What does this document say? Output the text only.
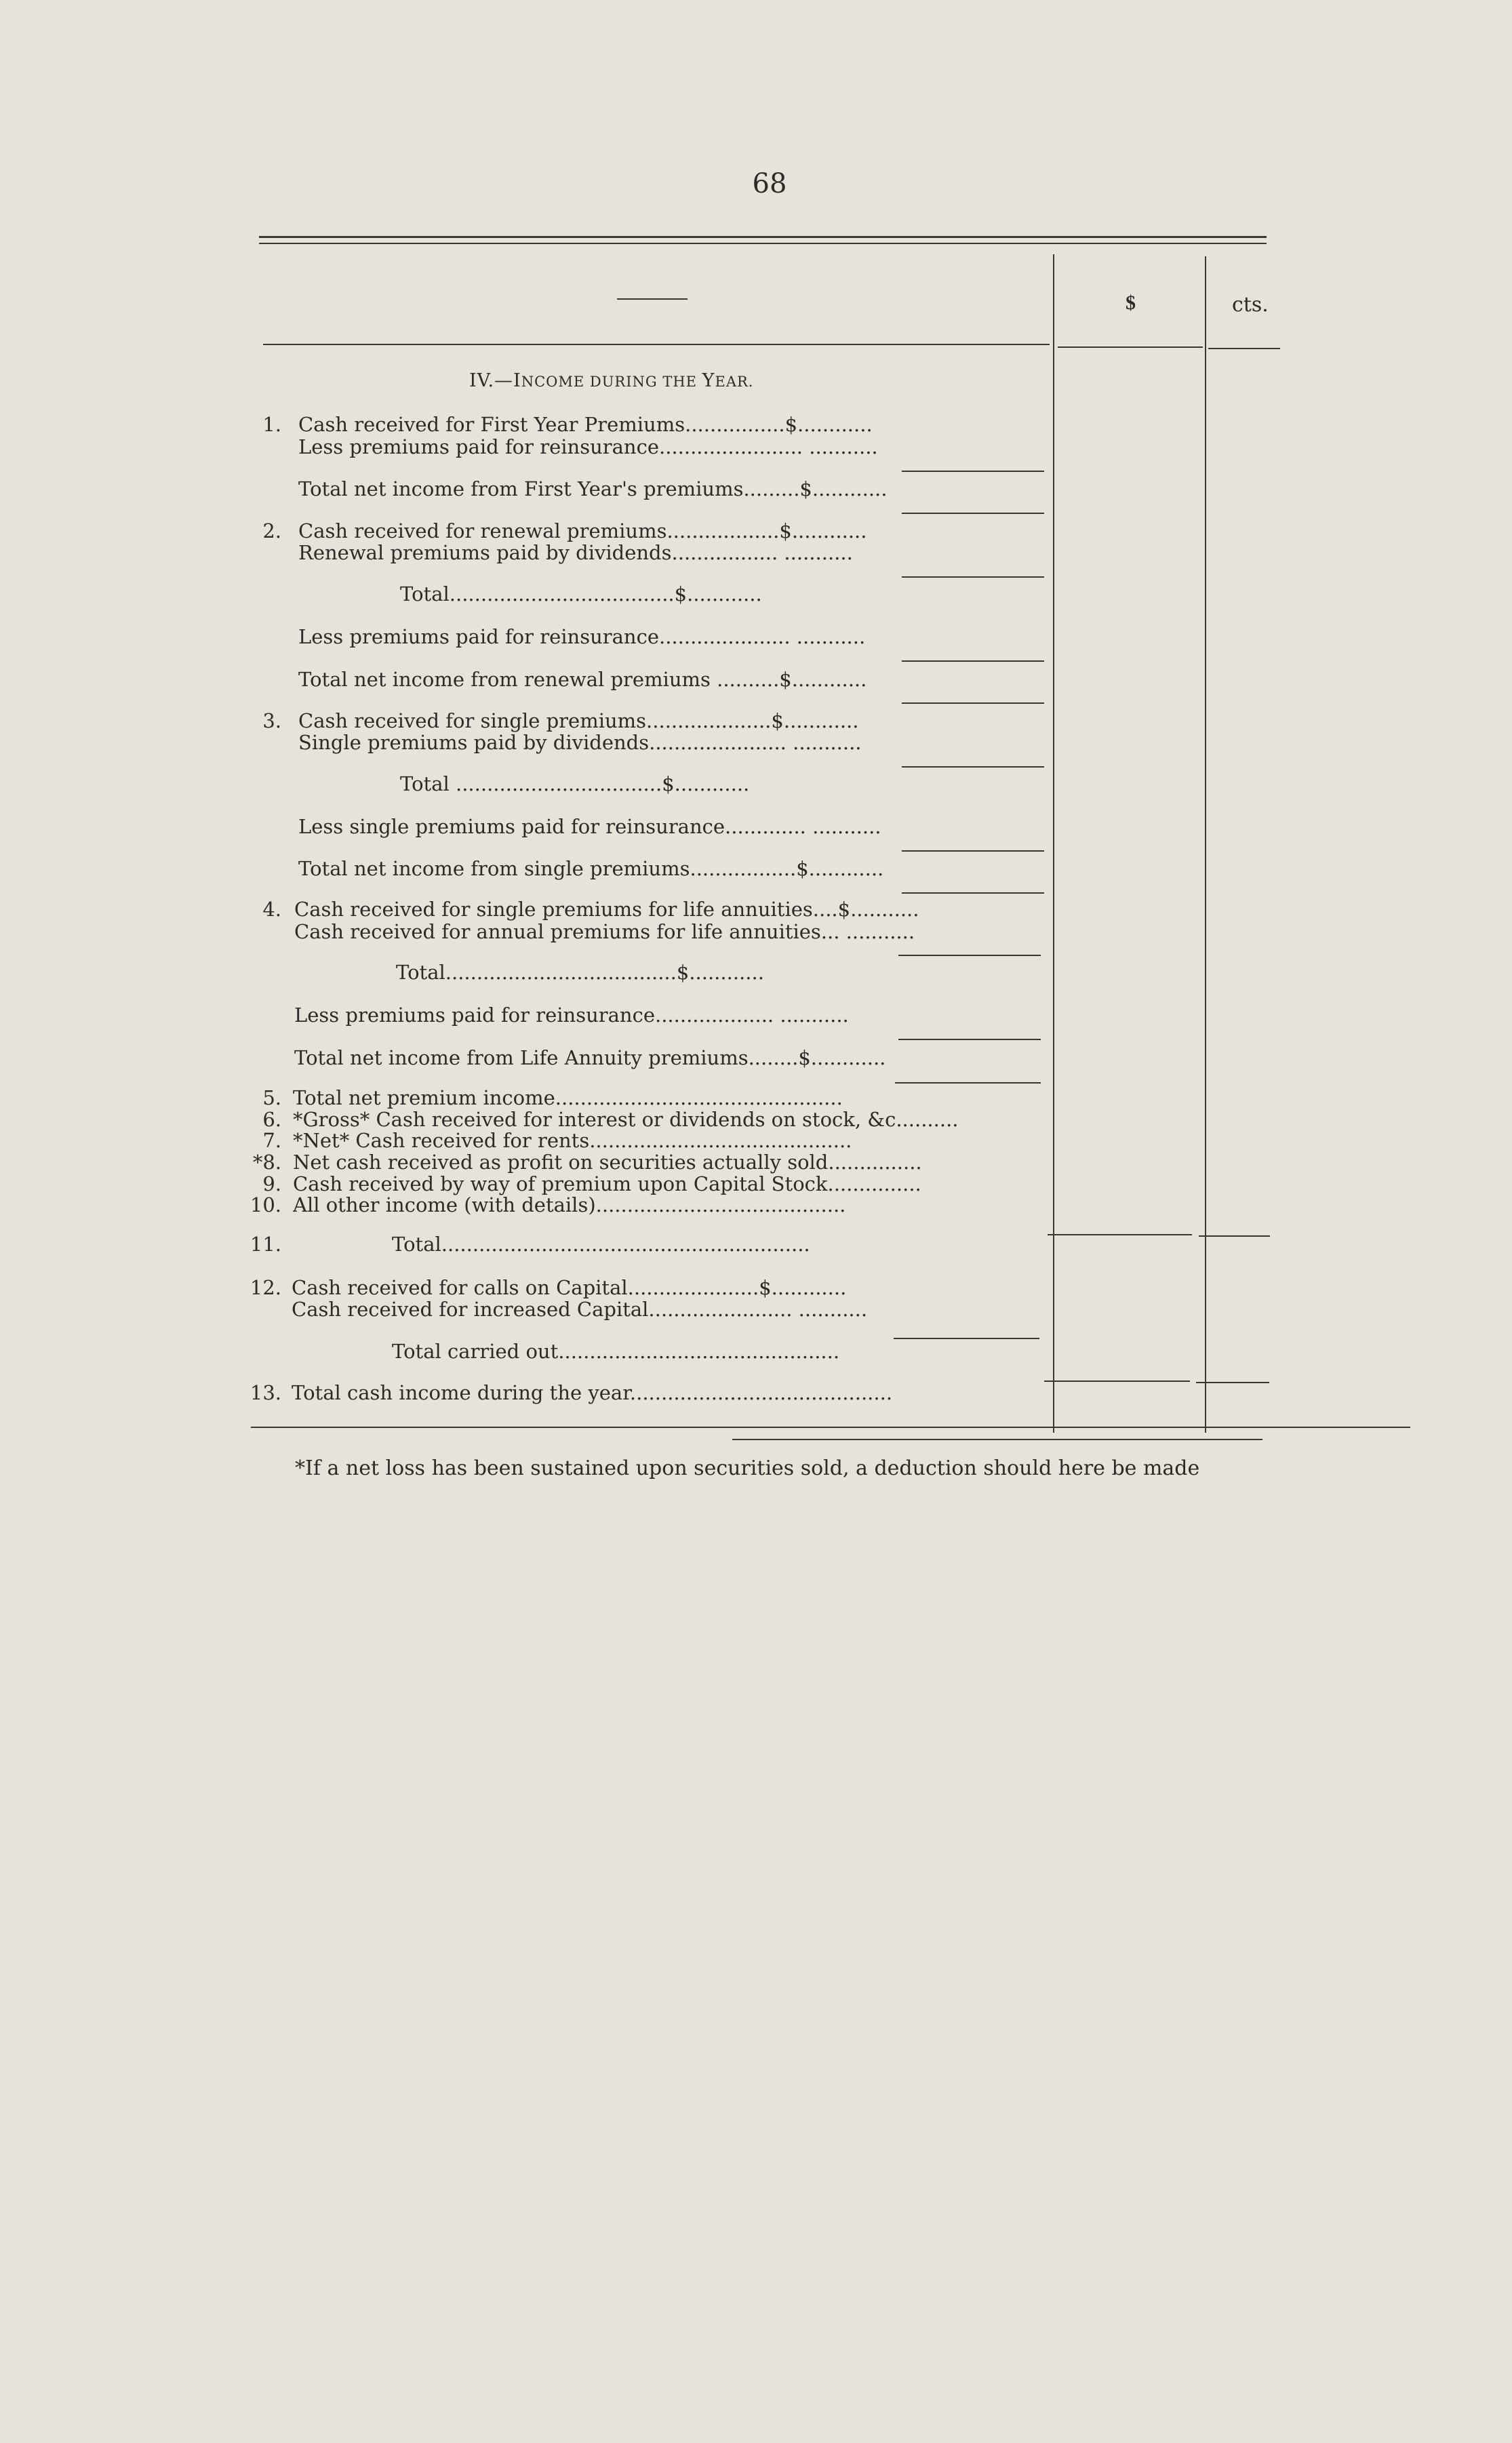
68
$	cts.
IV.—INCOME DURING THE YEAR.
1. Cash received for First Year Premiums................$............
Less premiums paid for reinsurance....................... ...........
Total net income from First Year's premiums.........$............
2. Cash received for renewal premiums..................$............
Renewal premiums paid by dividends................. ...........
Total....................................$............
Less premiums paid for reinsurance..................... ...........
Total net income from renewal premiums ..........$............
3. Cash received for single premiums....................$............
Single premiums paid by dividends...................... ...........
Total .................................$............
Less single premiums paid for reinsurance............. ...........
Total net income from single premiums.................$............
4. Cash received for single premiums for life annuities....$...........
Cash received for annual premiums for life annuities... ...........
Total.....................................$............
Less premiums paid for reinsurance................... ...........
Total net income from Life Annuity premiums........$............
5. Total net premium income..............................................
6. *Gross* Cash received for interest or dividends on stock, &c..........
7. *Net* Cash received for rents..........................................
*8. Net cash received as profit on securities actually sold...............
9. Cash received by way of premium upon Capital Stock...............
10. All other income (with details)........................................
11.	Total...........................................................
12. Cash received for calls on Capital.....................$............
Cash received for increased Capital....................... ...........
Total carried out.............................................
13. Total cash income during the year..........................................
*If a net loss has been sustained upon securities sold, a deduction should here be made
